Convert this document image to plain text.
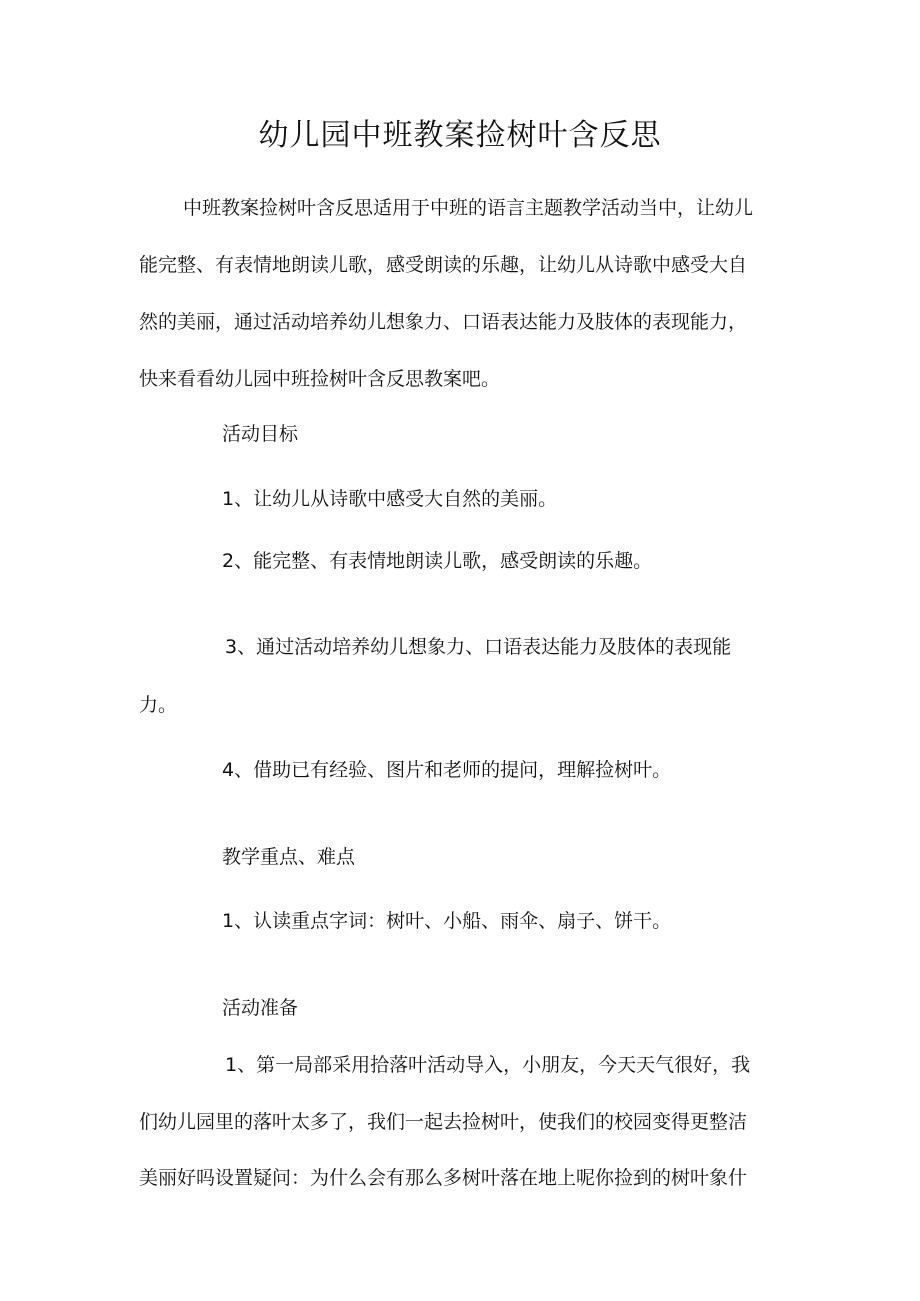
幼儿园中班教案捡树叶含反思

中班教案捡树叶含反思适用于中班的语言主题教学活动当中，让幼儿

能完整、有表情地朗读儿歌，感受朗读的乐趣，让幼儿从诗歌中感受大自

然的美丽，通过活动培养幼儿想象力、口语表达能力及肢体的表现能力，

快来看看幼儿园中班捡树叶含反思教案吧。

活动目标

1、让幼儿从诗歌中感受大自然的美丽。

2、能完整、有表情地朗读儿歌，感受朗读的乐趣。

3、通过活动培养幼儿想象力、口语表达能力及肢体的表现能

力。

4、借助已有经验、图片和老师的提问，理解捡树叶。

教学重点、难点

1、认读重点字词：树叶、小船、雨伞、扇子、饼干。

活动准备

1、第一局部采用拾落叶活动导入，小朋友，今天天气很好，我

们幼儿园里的落叶太多了，我们一起去捡树叶，使我们的校园变得更整洁

美丽好吗设置疑问：为什么会有那么多树叶落在地上呢你捡到的树叶象什
